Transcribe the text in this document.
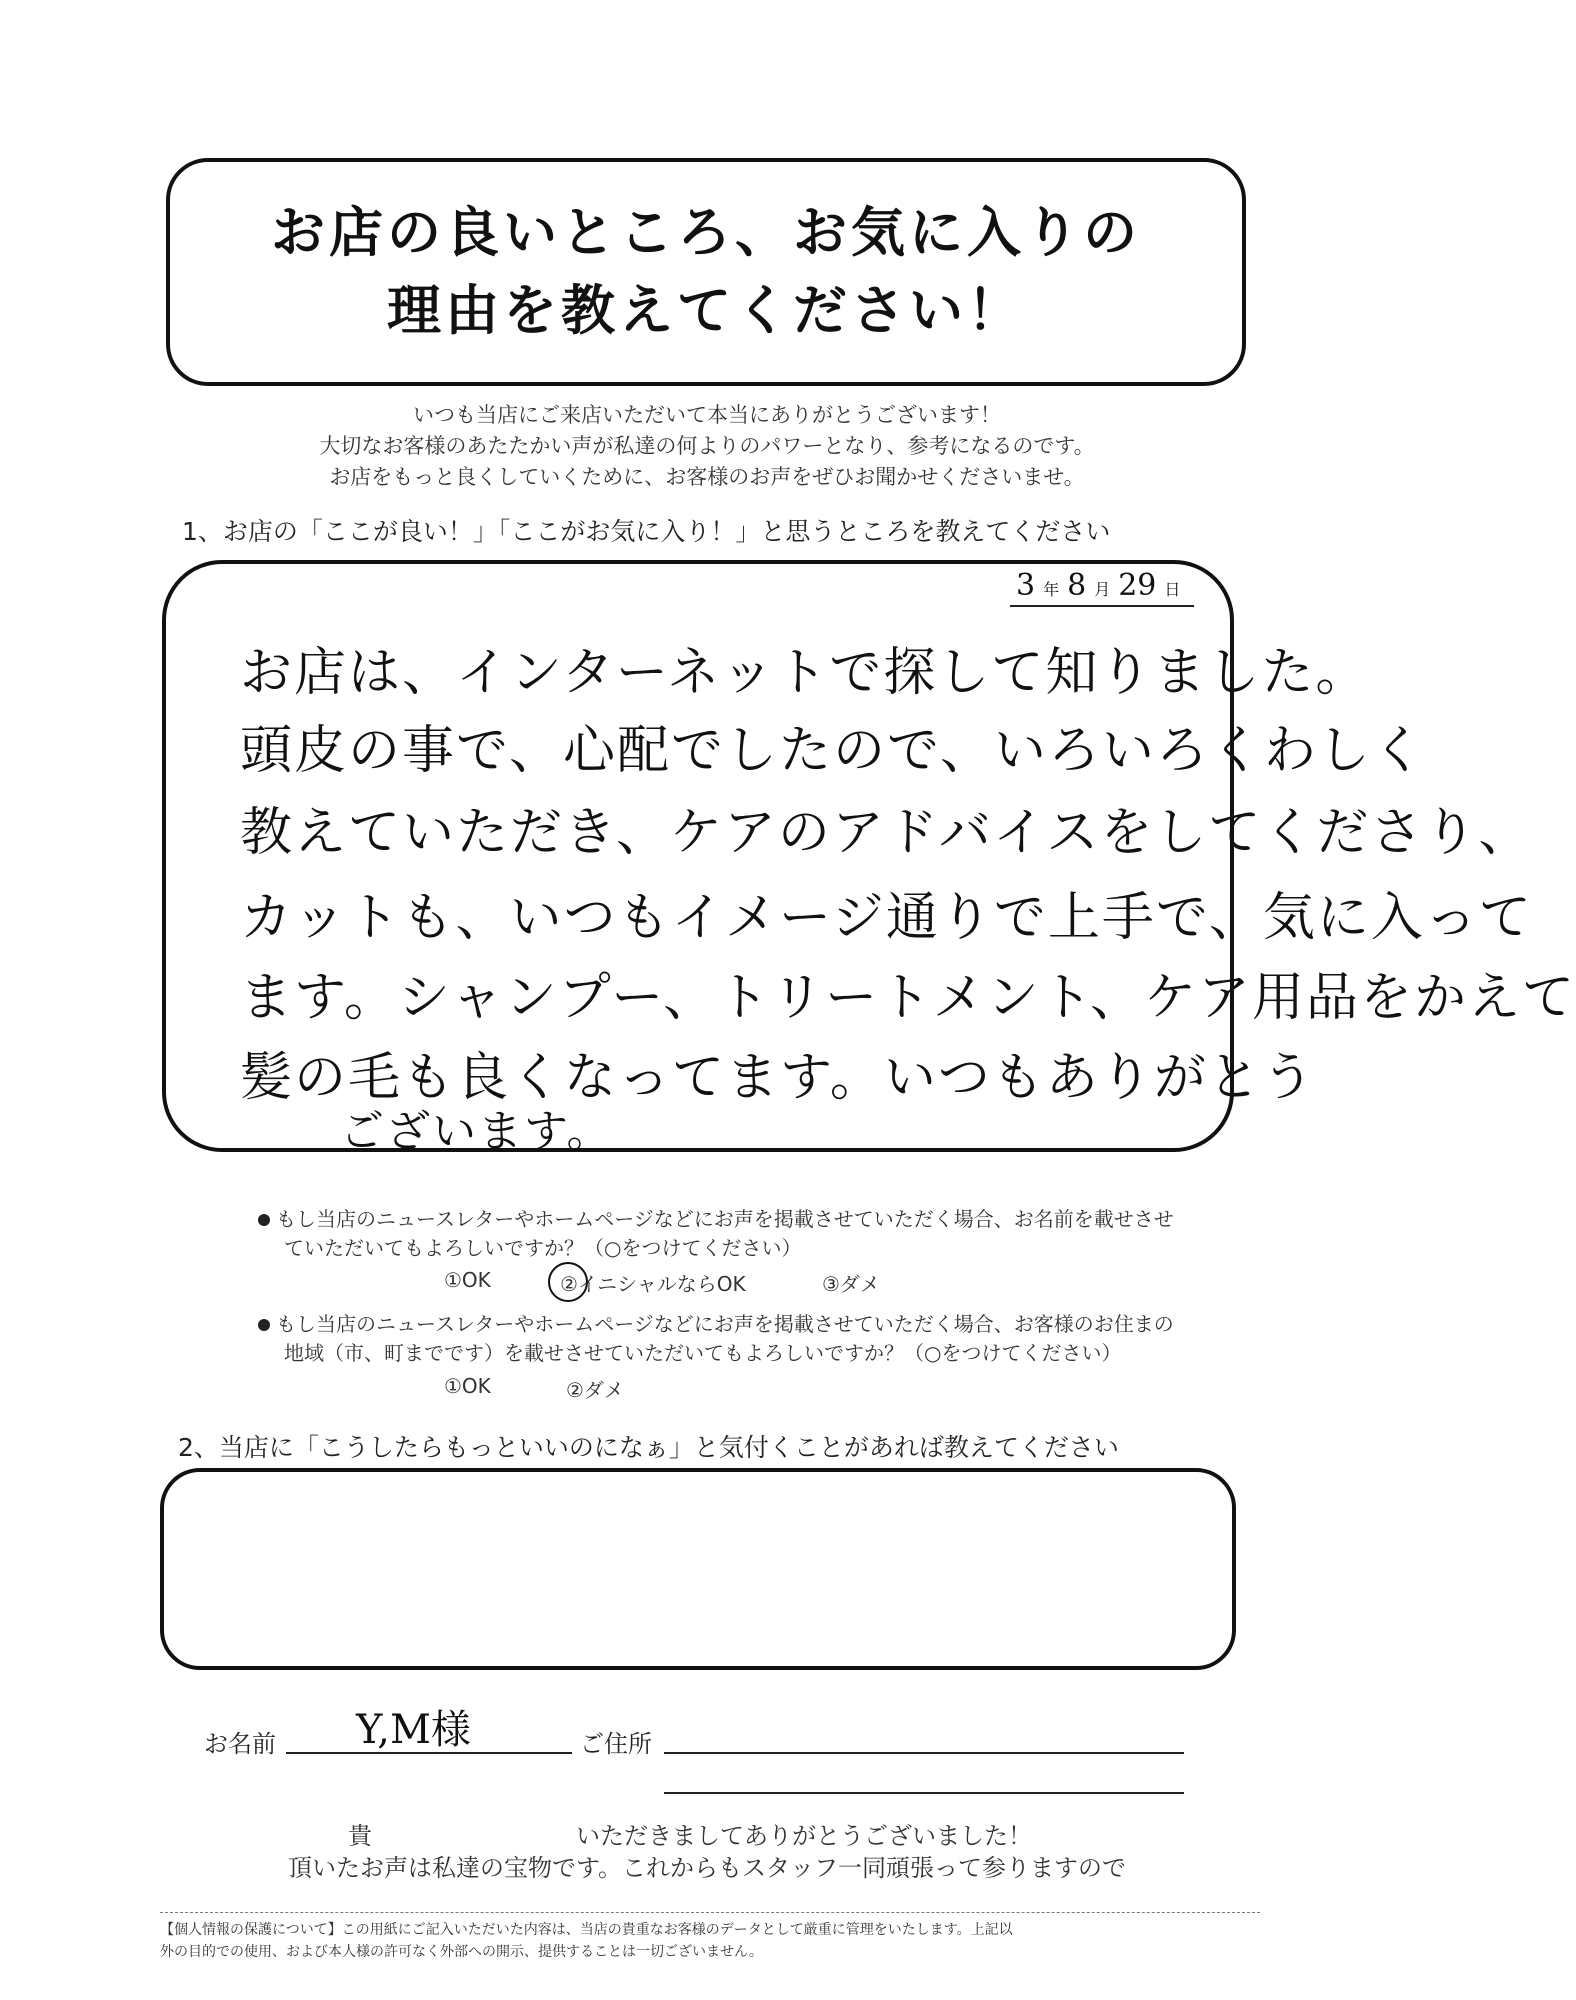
お店の良いところ、お気に入りの
理由を教えてください！
いつも当店にご来店いただいて本当にありがとうございます！
大切なお客様のあたたかい声が私達の何よりのパワーとなり、参考になるのです。
お店をもっと良くしていくために、お客様のお声をぜひお聞かせくださいませ。
1、お店の「ここが良い！」「ここがお気に入り！」と思うところを教えてください
3 年 8 月 29 日
お店は、インターネットで探して知りました。
頭皮の事で、心配でしたので、いろいろくわしく
教えていただき、ケアのアドバイスをしてくださり、
カットも、いつもイメージ通りで上手で、気に入って
ます。シャンプー、トリートメント、ケア用品をかえて
髪の毛も良くなってます。いつもありがとう
ございます。
もし当店のニュースレターやホームページなどにお声を掲載させていただく場合、お名前を載せさせ
ていただいてもよろしいですか？（○をつけてください）
①OK	②イニシャルならOK	③ダメ
もし当店のニュースレターやホームページなどにお声を掲載させていただく場合、お客様のお住まの
地域（市、町までです）を載せさせていただいてもよろしいですか？（○をつけてください）
①OK	②ダメ
2、当店に「こうしたらもっといいのになぁ」と気付くことがあれば教えてください
お名前 Y,M様	ご住所
貴	いただきましてありがとうございました！
頂いたお声は私達の宝物です。これからもスタッフ一同頑張って参りますので
【個人情報の保護について】この用紙にご記入いただいた内容は、当店の貴重なお客様のデータとして厳重に管理をいたします。上記以
外の目的での使用、および本人様の許可なく外部への開示、提供することは一切ございません。
